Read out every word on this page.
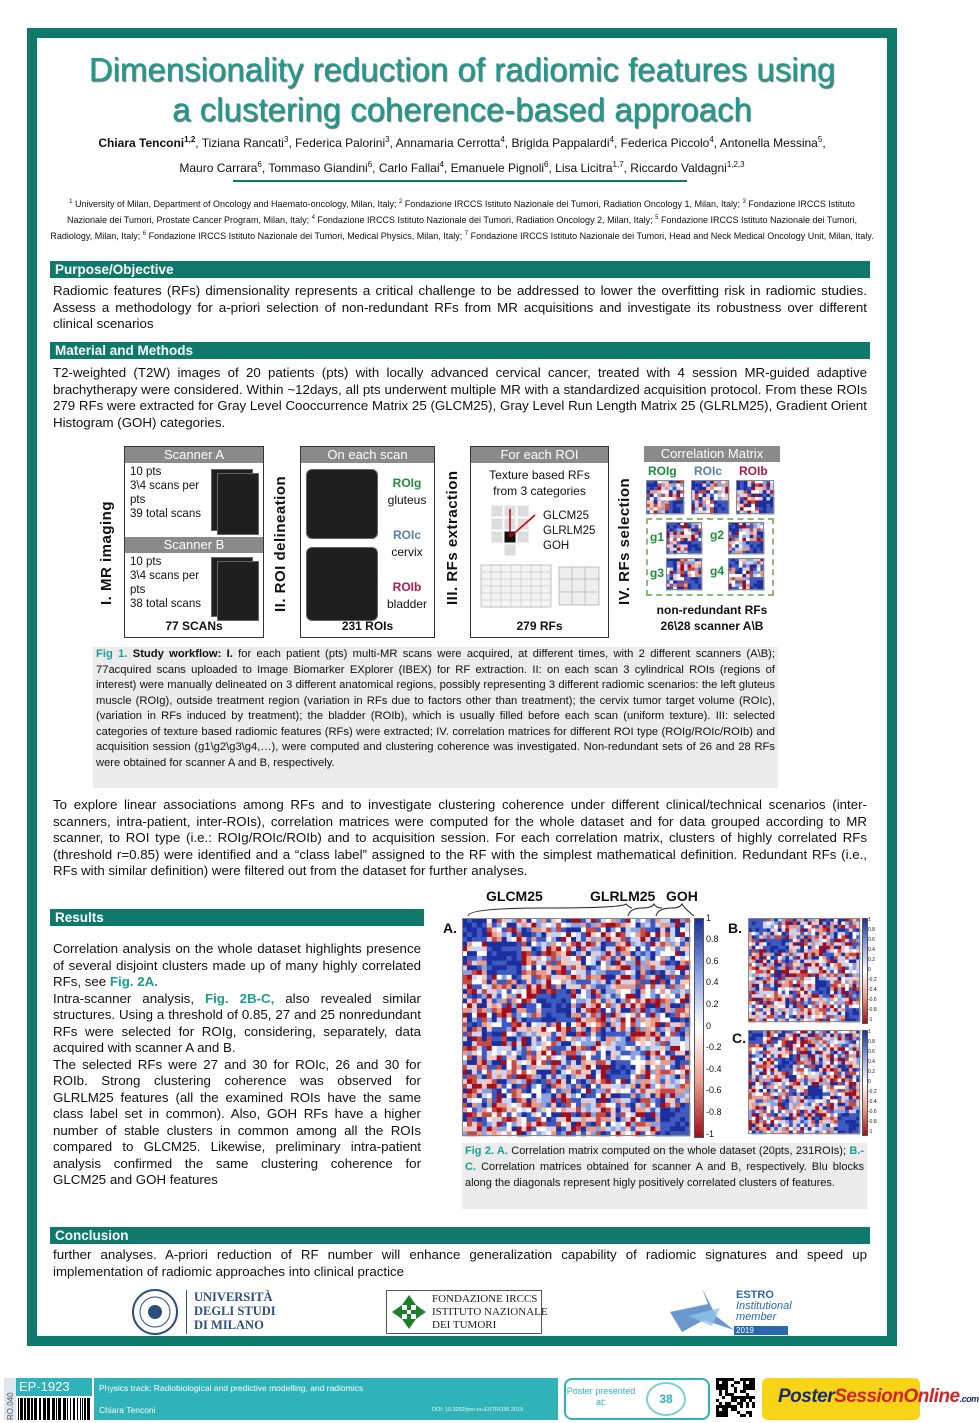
Dimensionality reduction of radiomic features using
a clustering coherence-based approach
Chiara Tenconi$^{1,2}$, Tiziana Rancati$^3$, Federica Palorini$^3$, Annamaria Cerrotta$^4$, Brigida Pappalardi$^4$, Federica Piccolo$^4$, Antonella Messina$^5$,
Mauro Carrara$^6$, Tommaso Giandini$^6$, Carlo Fallai$^4$, Emanuele Pignoli$^6$, Lisa Licitra$^{1,7}$, Riccardo Valdagni$^{1,2,3}$
$^1$ University of Milan, Department of Oncology and Haemato-oncology, Milan, Italy; $^2$ Fondazione IRCCS Istituto Nazionale dei Tumori, Radiation Oncology 1, Milan, Italy; $^3$ Fondazione IRCCS Istituto Nazionale dei Tumori, Prostate Cancer Program, Milan, Italy; $^4$ Fondazione IRCCS Istituto Nazionale dei Tumori, Radiation Oncology 2, Milan, Italy; $^5$ Fondazione IRCCS Istituto Nazionale dei Tumori, Radiology, Milan, Italy; $^6$ Fondazione IRCCS Istituto Nazionale dei Tumori, Medical Physics, Milan, Italy; $^7$ Fondazione IRCCS Istituto Nazionale dei Tumori, Head and Neck Medical Oncology Unit, Milan, Italy.
Purpose/Objective
Radiomic features (RFs) dimensionality represents a critical challenge to be addressed to lower the overfitting risk in radiomic studies. Assess a methodology for a-priori selection of non-redundant RFs from MR acquisitions and investigate its robustness over different clinical scenarios
Material and Methods
T2-weighted (T2W) images of 20 patients (pts) with locally advanced cervical cancer, treated with 4 session MR-guided adaptive brachytherapy were considered. Within ~12days, all pts underwent multiple MR with a standardized acquisition protocol. From these ROIs 279 RFs were extracted for Gray Level Cooccurrence Matrix 25 (GLCM25), Gray Level Run Length Matrix 25 (GLRLM25), Gradient Orient Histogram (GOH) categories.
I. MR imaging
Scanner A
10 pts
3\4 scans per
pts
39 total scans
Scanner B
10 pts
3\4 scans per
pts
38 total scans
77 SCANs
II. ROI delineation
On each scan
ROIg
gluteus
ROIc
cervix
ROIb
bladder
231 ROIs
III. RFs extraction
For each ROI
Texture based RFs
from 3 categories
GLCM25
GLRLM25
GOH
279 RFs
IV. RFs selection
Correlation Matrix
ROIg ROIc ROIb
g1	g2
g3	g4
non-redundant RFs
26\28 scanner A\B
Fig 1. Study workflow: I. for each patient (pts) multi-MR scans were acquired, at different times, with 2 different scanners (A\B); 77acquired scans uploaded to Image Biomarker EXplorer (IBEX) for RF extraction. II: on each scan 3 cylindrical ROIs (regions of interest) were manually delineated on 3 different anatomical regions, possibly representing 3 different radiomic scenarios: the left gluteus muscle (ROIg), outside treatment region (variation in RFs due to factors other than treatment); the cervix tumor target volume (ROIc), (variation in RFs induced by treatment); the bladder (ROIb), which is usually filled before each scan (uniform texture). III: selected categories of texture based radiomic features (RFs) were extracted; IV. correlation matrices for different ROI type (ROIg/ROIc/ROIb) and acquisition session (g1\g2\g3\g4,…), were computed and clustering coherence was investigated. Non-redundant sets of 26 and 28 RFs were obtained for scanner A and B, respectively.
To explore linear associations among RFs and to investigate clustering coherence under different clinical/technical scenarios (inter-scanners, intra-patient, inter-ROIs), correlation matrices were computed for the whole dataset and for data grouped according to MR scanner, to ROI type (i.e.: ROIg/ROIc/ROIb) and to acquisition session. For each correlation matrix, clusters of highly correlated RFs (threshold r=0.85) were identified and a “class label” assigned to the RF with the simplest mathematical definition. Redundant RFs (i.e., RFs with similar definition) were filtered out from the dataset for further analyses.
Results
Correlation analysis on the whole dataset highlights presence of several disjoint clusters made up of many highly correlated RFs, see Fig. 2A.
Intra-scanner analysis, Fig. 2B-C, also revealed similar structures. Using a threshold of 0.85, 27 and 25 nonredundant RFs were selected for ROIg, considering, separately, data acquired with scanner A and B.
The selected RFs were 27 and 30 for ROIc, 26 and 30 for ROIb. Strong clustering coherence was observed for GLRLM25 features (all the examined ROIs have the same class label set in common). Also, GOH RFs have a higher number of stable clusters in common among all the ROIs compared to GLCM25. Likewise, preliminary intra-patient analysis confirmed the same clustering coherence for GLCM25 and GOH features
GLCM25	GLRLM25 GOH
A.
1
0.8
0.6
0.4
0.2
0
-0.2
-0.4
-0.6
-0.8
-1
B.
1
0.8
0.6
0.4
0.2
0
-0.2
-0.4
-0.6
-0.8
-1
C.	1
0.8
0.6
0.4
0.2
0
-0.2
-0.4
-0.6
-0.8
-1
Fig 2. A. Correlation matrix computed on the whole dataset (20pts, 231ROIs); B.- C. Correlation matrices obtained for scanner A and B, respectively. Blu blocks along the diagonals represent higly positively correlated clusters of features.
Conclusion
further analyses. A-priori reduction of RF number will enhance generalization capability of radiomic signatures and speed up implementation of radiomic approaches into clinical practice
UNIVERSITÀ
DEGLI STUDI
DI MILANO
FONDAZIONE IRCCS
ISTITUTO NAZIONALE
DEI TUMORI
ESTRO
Institutional
member
2019
RO.040
EP-1923	Physics track: Radiobiological and predictive modelling, and radiomics
Chiara Tenconi	DOI: 10.3252/pso.eu.ESTRO38.2019
Poster presented at:	38	PosterSessionOnline.com
